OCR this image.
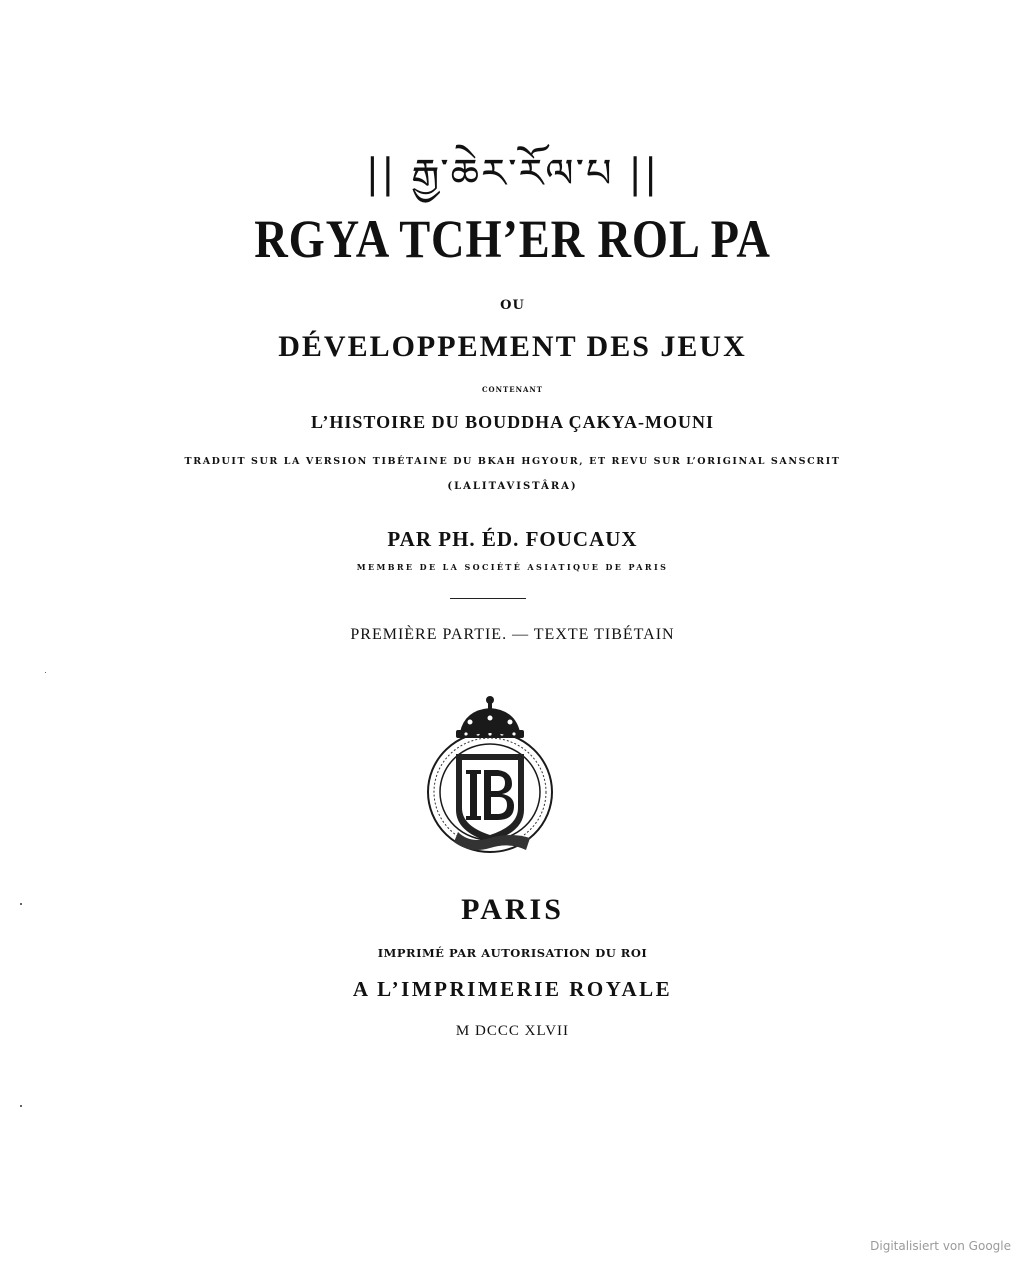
|| རྒྱ་ཆེར་རོལ་པ ||
RGYA TCH’ER ROL PA
OU
DÉVELOPPEMENT DES JEUX
CONTENANT
L’HISTOIRE DU BOUDDHA ÇAKYA-MOUNI
TRADUIT SUR LA VERSION TIBÉTAINE DU BKAH HGYOUR, ET REVU SUR L’ORIGINAL SANSCRIT
(LALITAVISTÂRA)
PAR PH. ÉD. FOUCAUX
MEMBRE DE LA SOCIÉTÉ ASIATIQUE DE PARIS
PREMIÈRE PARTIE. — TEXTE TIBÉTAIN
PARIS
IMPRIMÉ PAR AUTORISATION DU ROI
A L’IMPRIMERIE ROYALE
M DCCC XLVII
Digitalisiert von Google
